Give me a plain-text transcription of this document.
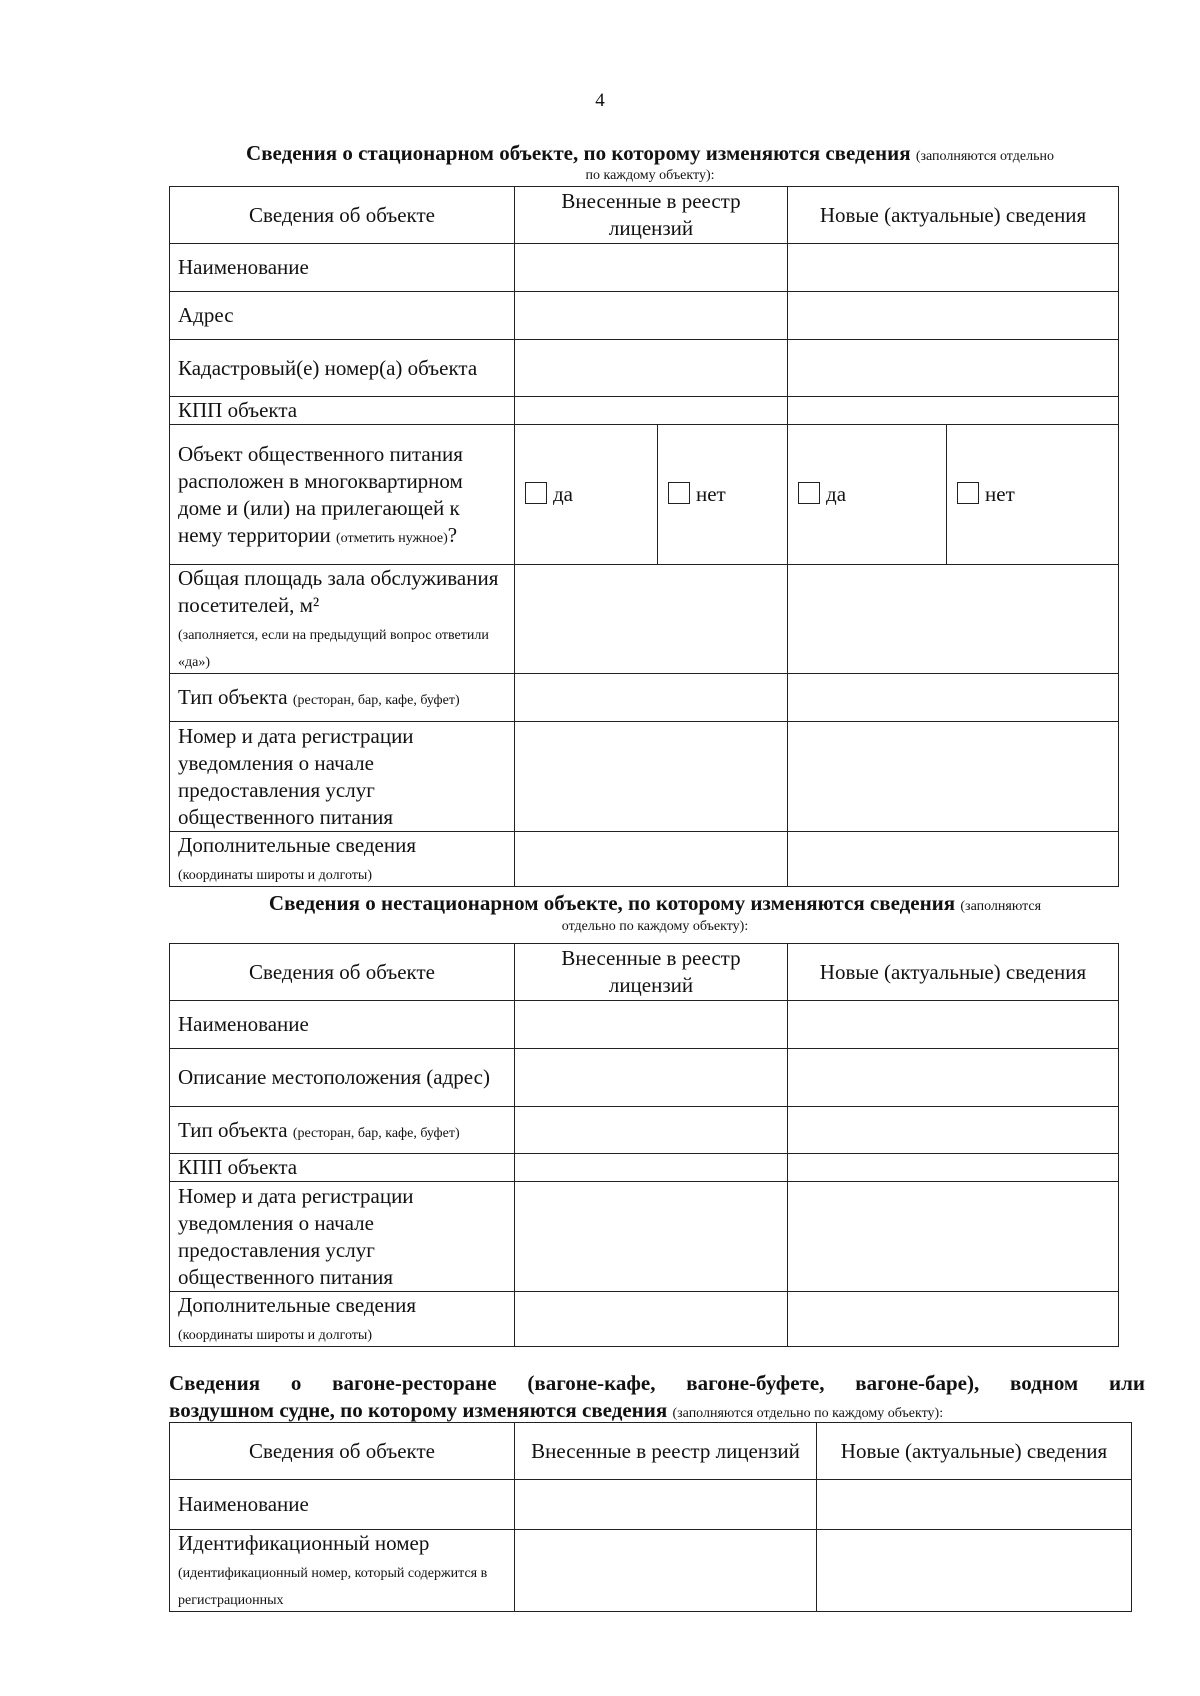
4
Сведения о стационарном объекте, по которому изменяются сведения (заполняются отдельно
по каждому объекту):
Сведения об объекте	Внесенные в реестр лицензий		Новые (актуальные) сведения	
Наименование				
Адрес				
Кадастровый(е) номер(а) объекта				
КПП объекта				
Объект общественного питания расположен в многоквартирном доме и (или) на прилегающей к нему территории (отметить нужное)?	да	нет	да	нет
Общая площадь зала обслуживания посетителей, м²
(заполняется, если на предыдущий вопрос ответили «да»)				
Тип объекта (ресторан, бар, кафе, буфет)				
Номер и дата регистрации уведомления о начале предоставления услуг общественного питания				
Дополнительные сведения
(координаты широты и долготы)				
Сведения о нестационарном объекте, по которому изменяются сведения (заполняются
отдельно по каждому объекту):
Сведения об объекте	Внесенные в реестр лицензий	Новые (актуальные) сведения
Наименование		
Описание местоположения (адрес)		
Тип объекта (ресторан, бар, кафе, буфет)		
КПП объекта		
Номер и дата регистрации уведомления о начале предоставления услуг общественного питания		
Дополнительные сведения
(координаты широты и долготы)		
Сведения о вагоне-ресторане (вагоне-кафе, вагоне-буфете, вагоне-баре), водном или
воздушном судне, по которому изменяются сведения (заполняются отдельно по каждому объекту):
Сведения об объекте	Внесенные в реестр лицензий	Новые (актуальные) сведения
Наименование		
Идентификационный номер
(идентификационный номер, который содержится в регистрационных		
